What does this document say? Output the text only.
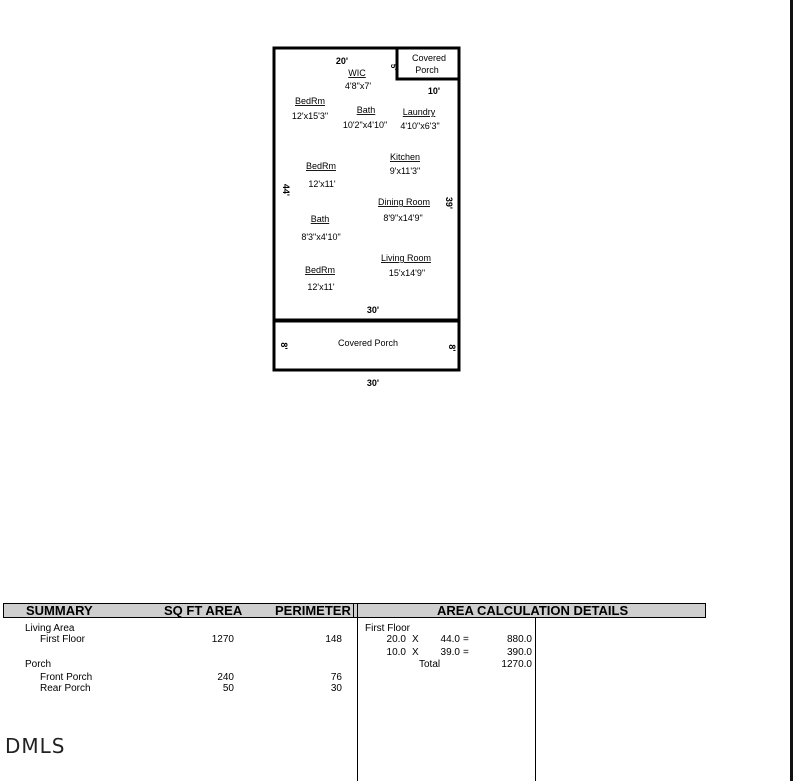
20'
5'
Covered
Porch
10'
WIC
4'8"x7'
BedRm
12'x15'3"
Bath
10'2"x4'10"
Laundry
4'10"x6'3"
BedRm
12'x11'
Kitchen
9'x11'3"
44'
39'
Dining Room
8'9"x14'9"
Bath
8'3"x4'10"
Living Room
15'x14'9"
BedRm
12'x11'
30'
Covered Porch
8'	8'
30'
SUMMARY	SQ FT AREA	PERIMETER	AREA CALCULATION DETAILS
Living Area
First Floor	1270	148
Porch
Front Porch	240	76
Rear Porch	50	30
First Floor
20.0 X	44.0 =	880.0
10.0 X	39.0 =	390.0
Total	1270.0
DMLS
